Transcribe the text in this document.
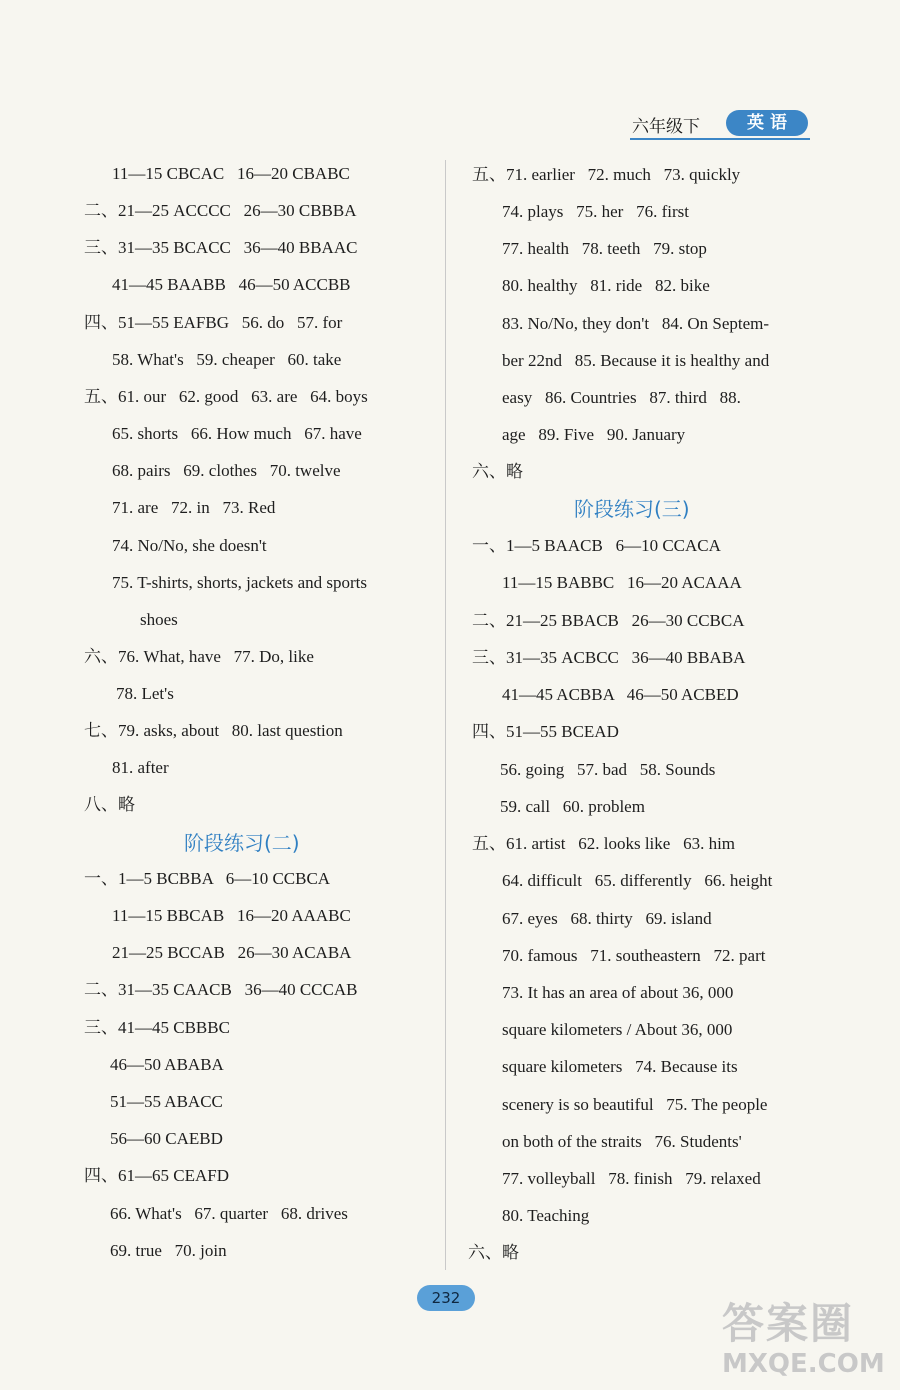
六年级下	英 语
11—15 CBCAC   16—20 CBABC
二、21—25 ACCCC   26—30 CBBBA
三、31—35 BCACC   36—40 BBAAC
41—45 BAABB   46—50 ACCBB
四、51—55 EAFBG   56. do   57. for
58. What's   59. cheaper   60. take
五、61. our   62. good   63. are   64. boys
65. shorts   66. How much   67. have
68. pairs   69. clothes   70. twelve
71. are   72. in   73. Red
74. No/No, she doesn't
75. T-shirts, shorts, jackets and sports
shoes
六、76. What, have   77. Do, like
78. Let's
七、79. asks, about   80. last question
81. after
八、略
阶段练习(二)
一、1—5 BCBBA   6—10 CCBCA
11—15 BBCAB   16—20 AAABC
21—25 BCCAB   26—30 ACABA
二、31—35 CAACB   36—40 CCCAB
三、41—45 CBBBC
46—50 ABABA
51—55 ABACC
56—60 CAEBD
四、61—65 CEAFD
66. What's   67. quarter   68. drives
69. true   70. join
五、71. earlier   72. much   73. quickly
74. plays   75. her   76. first
77. health   78. teeth   79. stop
80. healthy   81. ride   82. bike
83. No/No, they don't   84. On Septem-
ber 22nd   85. Because it is healthy and
easy   86. Countries   87. third   88.
age   89. Five   90. January
六、略
阶段练习(三)
一、1—5 BAACB   6—10 CCACA
11—15 BABBC   16—20 ACAAA
二、21—25 BBACB   26—30 CCBCA
三、31—35 ACBCC   36—40 BBABA
41—45 ACBBA   46—50 ACBED
四、51—55 BCEAD
56. going   57. bad   58. Sounds
59. call   60. problem
五、61. artist   62. looks like   63. him
64. difficult   65. differently   66. height
67. eyes   68. thirty   69. island
70. famous   71. southeastern   72. part
73. It has an area of about 36, 000
square kilometers / About 36, 000
square kilometers   74. Because its
scenery is so beautiful   75. The people
on both of the straits   76. Students'
77. volleyball   78. finish   79. relaxed
80. Teaching
六、略
232
答案圈
MXQE.COM
